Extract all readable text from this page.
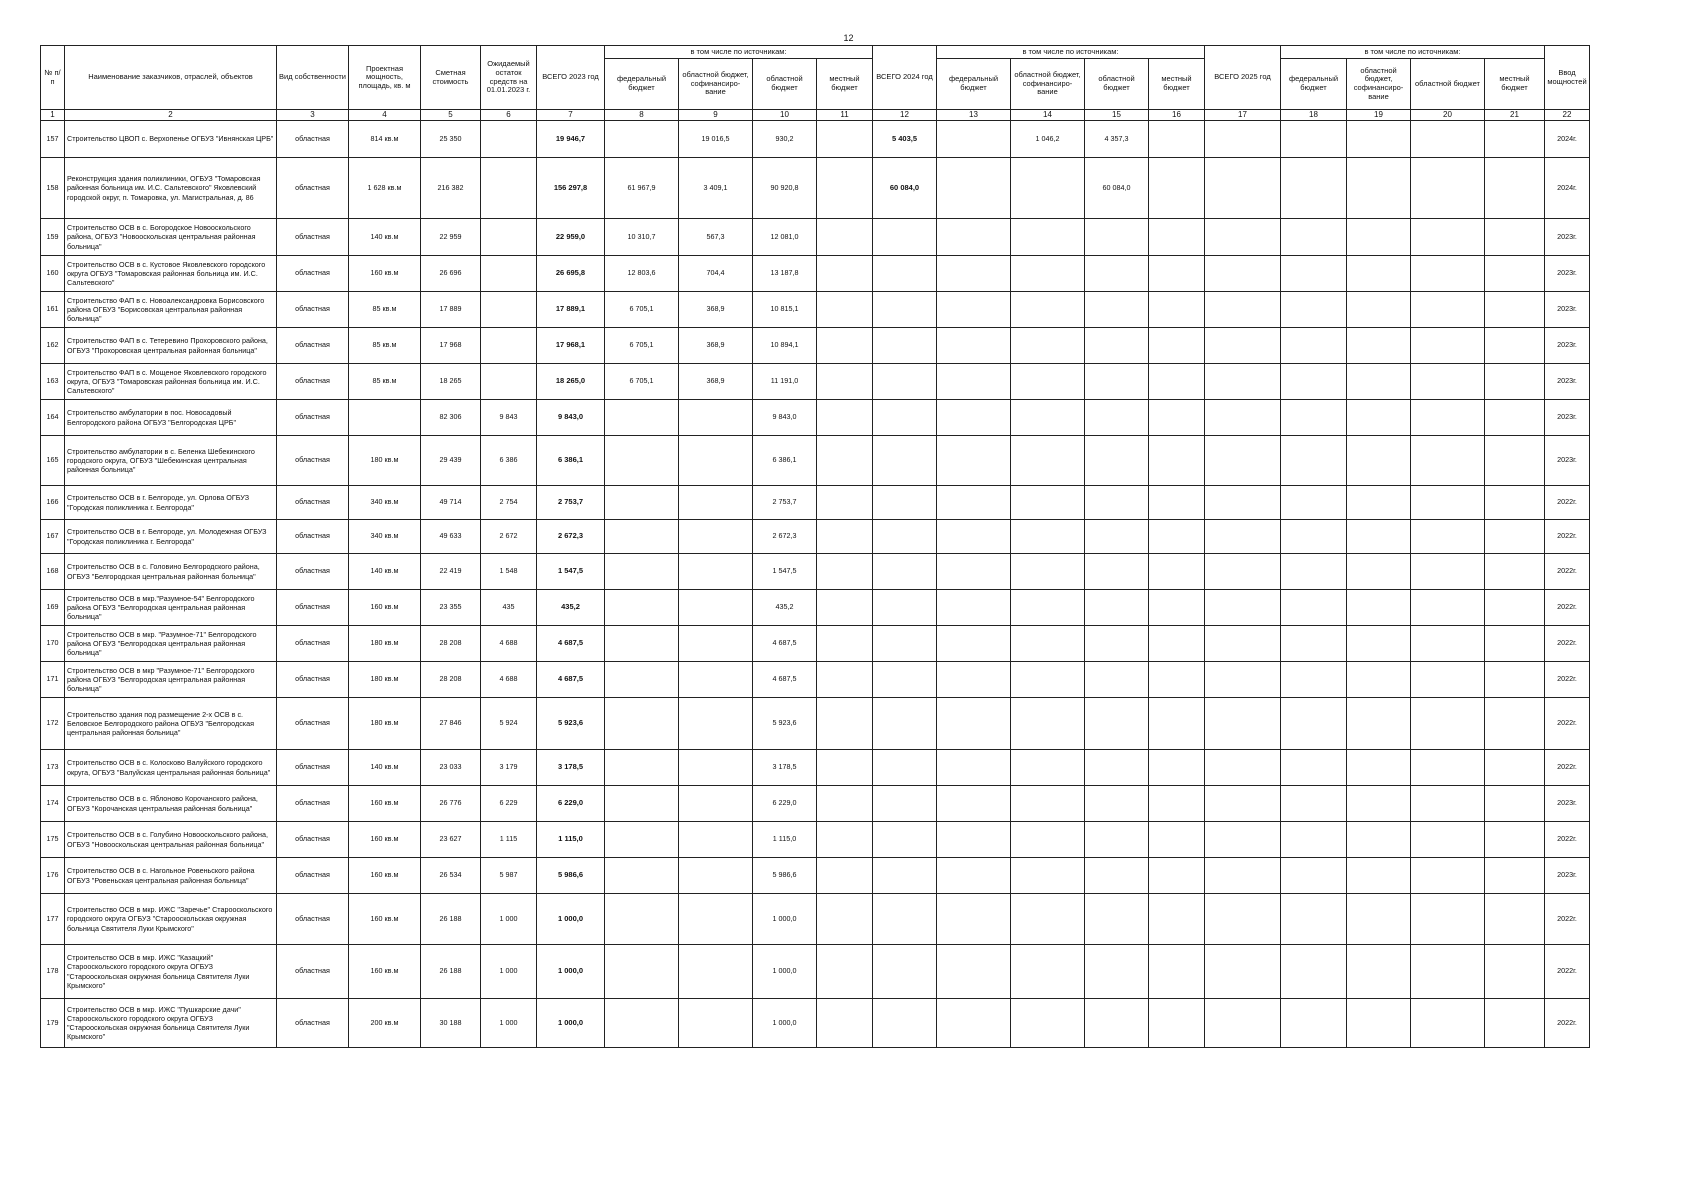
12
№ п/п	Наименование заказчиков, отраслей, объектов	Вид собственности	Проектная мощность, площадь, кв. м	Сметная стоимость	Ожидаемый остаток средств на 01.01.2023 г.	ВСЕГО 2023 год	в том числе по источникам:				ВСЕГО 2024 год	в том числе по источникам:				ВСЕГО 2025 год	в том числе по источникам:				Ввод мощностей
							федеральный бюджет	областной бюджет, софинансиро-вание	областной бюджет	местный бюджет		федеральный бюджет	областной бюджет, софинансиро-вание	областной бюджет	местный бюджет		федеральный бюджет	областной бюджет, софинансиро-вание	областной бюджет	местный бюджет	
1	2	3	4	5	6	7	8	9	10	11	12	13	14	15	16	17	18	19	20	21	22
157	Строительство ЦВОП с. Верхопенье ОГБУЗ "Ивнянская ЦРБ"	областная	814 кв.м	25 350		19 946,7		19 016,5	930,2		5 403,5		1 046,2	4 357,3							2024г.
158	Реконструкция здания поликлиники, ОГБУЗ "Томаровская районная больница им. И.С. Сальтевского" Яковлевский городской округ, п. Томаровка, ул. Магистральная, д. 86	областная	1 628 кв.м	216 382		156 297,8	61 967,9	3 409,1	90 920,8		60 084,0			60 084,0							2024г.
159	Строительство ОСВ в с. Богородское Новооскольского района, ОГБУЗ "Новооскольская центральная районная больница"	областная	140 кв.м	22 959		22 959,0	10 310,7	567,3	12 081,0												2023г.
160	Строительство ОСВ в с. Кустовое Яковлевского городского округа ОГБУЗ "Томаровская районная больница им. И.С. Сальтевского"	областная	160 кв.м	26 696		26 695,8	12 803,6	704,4	13 187,8												2023г.
161	Строительство ФАП в с. Новоалександровка Борисовского района ОГБУЗ "Борисовская центральная районная больница"	областная	85 кв.м	17 889		17 889,1	6 705,1	368,9	10 815,1												2023г.
162	Строительство ФАП в с. Тетеревино Прохоровского района, ОГБУЗ "Прохоровская центральная районная больница"	областная	85 кв.м	17 968		17 968,1	6 705,1	368,9	10 894,1												2023г.
163	Строительство ФАП в с. Мощеное Яковлевского городского округа, ОГБУЗ "Томаровская районная больница им. И.С. Сальтевского"	областная	85 кв.м	18 265		18 265,0	6 705,1	368,9	11 191,0												2023г.
164	Строительство амбулатории в пос. Новосадовый Белгородского района ОГБУЗ "Белгородская ЦРБ"	областная		82 306	9 843	9 843,0			9 843,0												2023г.
165	Строительство амбулатории в с. Беленка Шебекинского городского округа, ОГБУЗ "Шебекинская центральная районная больница"	областная	180 кв.м	29 439	6 386	6 386,1			6 386,1												2023г.
166	Строительство ОСВ в г. Белгороде, ул. Орлова ОГБУЗ "Городская поликлиника г. Белгорода"	областная	340 кв.м	49 714	2 754	2 753,7			2 753,7												2022г.
167	Строительство ОСВ в г. Белгороде, ул. Молодежная ОГБУЗ "Городская поликлиника г. Белгорода"	областная	340 кв.м	49 633	2 672	2 672,3			2 672,3												2022г.
168	Строительство ОСВ в с. Головино Белгородского района, ОГБУЗ "Белгородская центральная районная больница"	областная	140 кв.м	22 419	1 548	1 547,5			1 547,5												2022г.
169	Строительство ОСВ в мкр."Разумное-54" Белгородского района ОГБУЗ "Белгородская центральная районная больница"	областная	160 кв.м	23 355	435	435,2			435,2												2022г.
170	Строительство ОСВ в мкр. "Разумное-71" Белгородского района ОГБУЗ "Белгородская центральная районная больница"	областная	180 кв.м	28 208	4 688	4 687,5			4 687,5												2022г.
171	Строительство ОСВ в мкр "Разумное-71" Белгородского района ОГБУЗ "Белгородская центральная районная больница"	областная	180 кв.м	28 208	4 688	4 687,5			4 687,5												2022г.
172	Строительство здания под размещение 2-х ОСВ в с. Беловское Белгородского района ОГБУЗ "Белгородская центральная районная больница"	областная	180 кв.м	27 846	5 924	5 923,6			5 923,6												2022г.
173	Строительство ОСВ в с. Колосково Валуйского городского округа, ОГБУЗ "Валуйская центральная районная больница"	областная	140 кв.м	23 033	3 179	3 178,5			3 178,5												2022г.
174	Строительство ОСВ в с. Яблоново Корочанского района, ОГБУЗ "Корочанская центральная районная больница"	областная	160 кв.м	26 776	6 229	6 229,0			6 229,0												2023г.
175	Строительство ОСВ в с. Голубино Новооскольского района, ОГБУЗ "Новооскольская центральная районная больница"	областная	160 кв.м	23 627	1 115	1 115,0			1 115,0												2022г.
176	Строительство ОСВ в с. Нагольное Ровеньского района ОГБУЗ "Ровеньская центральная районная больница"	областная	160 кв.м	26 534	5 987	5 986,6			5 986,6												2023г.
177	Строительство ОСВ в мкр. ИЖС "Заречье" Старооскольского городского округа ОГБУЗ "Старооскольская окружная больница Святителя Луки Крымского"	областная	160 кв.м	26 188	1 000	1 000,0			1 000,0												2022г.
178	Строительство ОСВ в мкр. ИЖС "Казацкий" Старооскольского городского округа ОГБУЗ "Старооскольская окружная больница Святителя Луки Крымского"	областная	160 кв.м	26 188	1 000	1 000,0			1 000,0												2022г.
179	Строительство ОСВ в мкр. ИЖС "Пушкарские дачи" Старооскольского городского округа ОГБУЗ "Старооскольская окружная больница Святителя Луки Крымского"	областная	200 кв.м	30 188	1 000	1 000,0			1 000,0												2022г.
